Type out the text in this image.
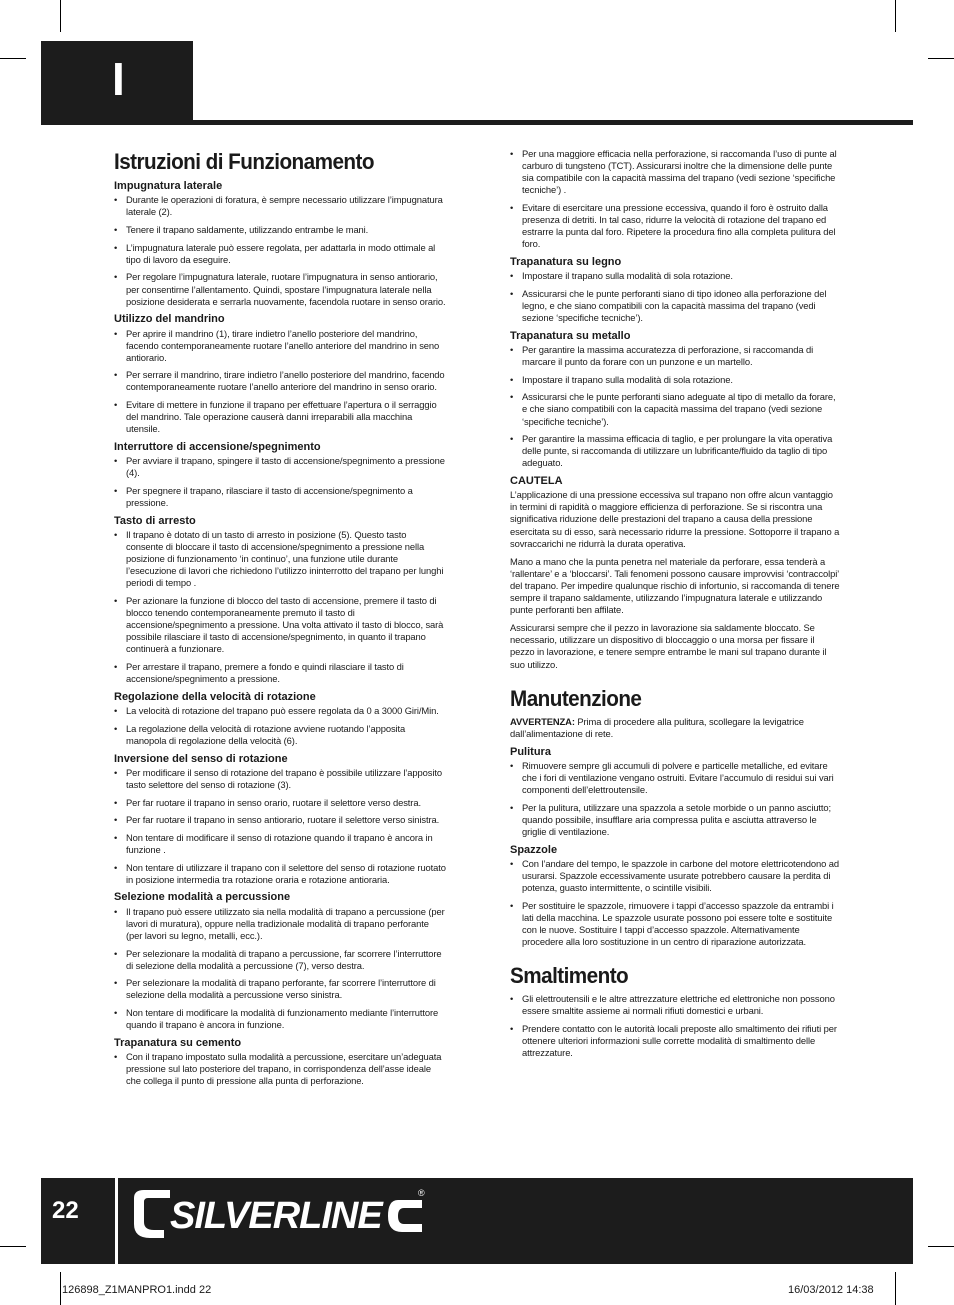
I
Istruzioni di Funzionamento
Impugnatura laterale
• Durante le operazioni di foratura, è sempre necessario utilizzare l’impugnatura laterale (2).
• Tenere il trapano saldamente, utilizzando entrambe le mani.
• L’impugnatura laterale può essere regolata, per adattarla in modo ottimale al tipo di lavoro da eseguire.
• Per regolare l’impugnatura laterale, ruotare l’impugnatura in senso antiorario, per consentirne l’allentamento. Quindi, spostare l’impugnatura laterale nella posizione desiderata e serrarla nuovamente, facendola ruotare in senso orario.
Utilizzo del mandrino
• Per aprire il mandrino (1), tirare indietro l’anello posteriore del mandrino, facendo contemporaneamente ruotare l’anello anteriore del mandrino in seno antiorario.
• Per serrare il mandrino, tirare indietro l’anello posteriore del mandrino, facendo contemporaneamente ruotare l’anello anteriore del mandrino in senso orario.
• Evitare di mettere in funzione il trapano per effettuare l’apertura o il serraggio del mandrino. Tale operazione causerà danni irreparabili alla macchina utensile.
Interruttore di accensione/spegnimento
• Per avviare il trapano, spingere il tasto di accensione/spegnimento a pressione (4).
• Per spegnere il trapano, rilasciare il tasto di accensione/spegnimento a pressione.
Tasto di arresto
• Il trapano è dotato di un tasto di arresto in posizione (5). Questo tasto consente di bloccare il tasto di accensione/spegnimento a pressione nella posizione di funzionamento ‘in continuo’, una funzione utile durante l’esecuzione di lavori che richiedono l’utilizzo ininterrotto del trapano per lunghi periodi di tempo .
• Per azionare la funzione di blocco del tasto di accensione, premere il tasto di blocco tenendo contemporaneamente premuto il tasto di accensione/spegnimento a pressione. Una volta attivato il tasto di blocco, sarà possibile rilasciare il tasto di accensione/spegnimento, in quanto il trapano continuerà a funzionare.
• Per arrestare il trapano, premere a fondo e quindi rilasciare il tasto di accensione/spegnimento a pressione.
Regolazione della velocità di rotazione
• La velocità di rotazione del trapano può essere regolata da 0 a 3000 Giri/Min.
• La regolazione della velocità di rotazione avviene ruotando l’apposita manopola di regolazione della velocità (6).
Inversione del senso di rotazione
• Per modificare il senso di rotazione del trapano è possibile utilizzare l’apposito tasto selettore del senso di rotazione (3).
• Per far ruotare il trapano in senso orario, ruotare il selettore verso destra.
• Per far ruotare il trapano in senso antiorario, ruotare il selettore verso sinistra.
• Non tentare di modificare il senso di rotazione quando il trapano è ancora in funzione .
• Non tentare di utilizzare il trapano con il selettore del senso di rotazione ruotato in posizione intermedia tra rotazione oraria e rotazione antioraria.
Selezione modalità a percussione
• Il trapano può essere utilizzato sia nella modalità di trapano a percussione (per lavori di muratura), oppure nella tradizionale modalità di trapano perforante (per lavori su legno, metalli, ecc.).
• Per selezionare la modalità di trapano a percussione, far scorrere l’interruttore di selezione della modalità a percussione (7), verso destra.
• Per selezionare la modalità di trapano perforante, far scorrere l’interruttore di selezione della modalità a percussione verso sinistra.
• Non tentare di modificare la modalità di funzionamento mediante l’interruttore quando il trapano è ancora in funzione.
Trapanatura su cemento
• Con il trapano impostato sulla modalità a percussione, esercitare un’adeguata pressione sul lato posteriore del trapano, in corrispondenza dell’asse ideale che collega il punto di pressione alla punta di perforazione.
• Per una maggiore efficacia nella perforazione, si raccomanda l’uso di punte al carburo di tungsteno (TCT). Assicurarsi inoltre che la dimensione delle punte sia compatibile con la capacità massima del trapano (vedi sezione ‘specifiche tecniche’) .
• Evitare di esercitare una pressione eccessiva, quando il foro è ostruito dalla presenza di detriti. In tal caso, ridurre la velocità di rotazione del trapano ed estrarre la punta dal foro. Ripetere la procedura fino alla completa pulitura del foro.
Trapanatura su legno
• Impostare il trapano sulla modalità di sola rotazione.
• Assicurarsi che le punte perforanti siano di tipo idoneo alla perforazione del legno, e che siano compatibili con la capacità massima del trapano (vedi sezione ‘specifiche tecniche’).
Trapanatura su metallo
• Per garantire la massima accuratezza di perforazione, si raccomanda di marcare il punto da forare con un punzone e un martello.
• Impostare il trapano sulla modalità di sola rotazione.
• Assicurarsi che le punte perforanti siano adeguate al tipo di metallo da forare, e che siano compatibili con la capacità massima del trapano (vedi sezione ‘specifiche tecniche’).
• Per garantire la massima efficacia di taglio, e per prolungare la vita operativa delle punte, si raccomanda di utilizzare un lubrificante/fluido da taglio di tipo adeguato.
CAUTELA

L’applicazione di una pressione eccessiva sul trapano non offre alcun vantaggio in termini di rapidità o maggiore efficienza di perforazione. Se si riscontra una significativa riduzione delle prestazioni del trapano a causa della pressione esercitata su di esso, sarà necessario ridurre la pressione. Sottoporre il trapano a sovraccarichi ne ridurrà la durata operativa.

Mano a mano che la punta penetra nel materiale da perforare, essa tenderà a ‘rallentare’ e a ‘bloccarsi’. Tali fenomeni possono causare improvvisi ‘contraccolpi’ del trapano. Per impedire qualunque rischio di infortunio, si raccomanda di tenere sempre il trapano saldamente, utilizzando l’impugnatura laterale e utilizzando punte perforanti ben affilate.

Assicurarsi sempre che il pezzo in lavorazione sia saldamente bloccato. Se necessario, utilizzare un dispositivo di bloccaggio o una morsa per fissare il pezzo in lavorazione, e tenere sempre entrambe le mani sul trapano durante il suo utilizzo.

Manutenzione

AVVERTENZA: Prima di procedere alla pulitura, scollegare la levigatrice dall’alimentazione di rete.

Pulitura
• Rimuovere sempre gli accumuli di polvere e particelle metalliche, ed evitare che i fori di ventilazione vengano ostruiti. Evitare l’accumulo di residui sui vari componenti dell’elettroutensile.
• Per la pulitura, utilizzare una spazzola a setole morbide o un panno asciutto; quando possibile, insufflare aria compressa pulita e asciutta attraverso le griglie di ventilazione.
Spazzole
• Con l’andare del tempo, le spazzole in carbone del motore elettricotendono ad usurarsi. Spazzole eccessivamente usurate potrebbero causare la perdita di potenza, guasto intermittente, o scintille visibili.
• Per sostituire le spazzole, rimuovere i tappi d’accesso spazzole da entrambi i lati della macchina. Le spazzole usurate possono poi essere tolte e sostituite con le nuove. Sostituire I tappi d’accesso spazzole. Alternativamente procedere alla loro sostituzione in un centro di riparazione autorizzata.
Smaltimento
• Gli elettroutensili e le altre attrezzature elettriche ed elettroniche non possono essere smaltite assieme ai normali rifiuti domestici e urbani.
• Prendere contatto con le autorità locali preposte allo smaltimento dei rifiuti per ottenere ulteriori informazioni sulle corrette modalità di smaltimento delle attrezzature.
22	SILVERLINE
®
126898_Z1MANPRO1.indd 22	16/03/2012 14:38
